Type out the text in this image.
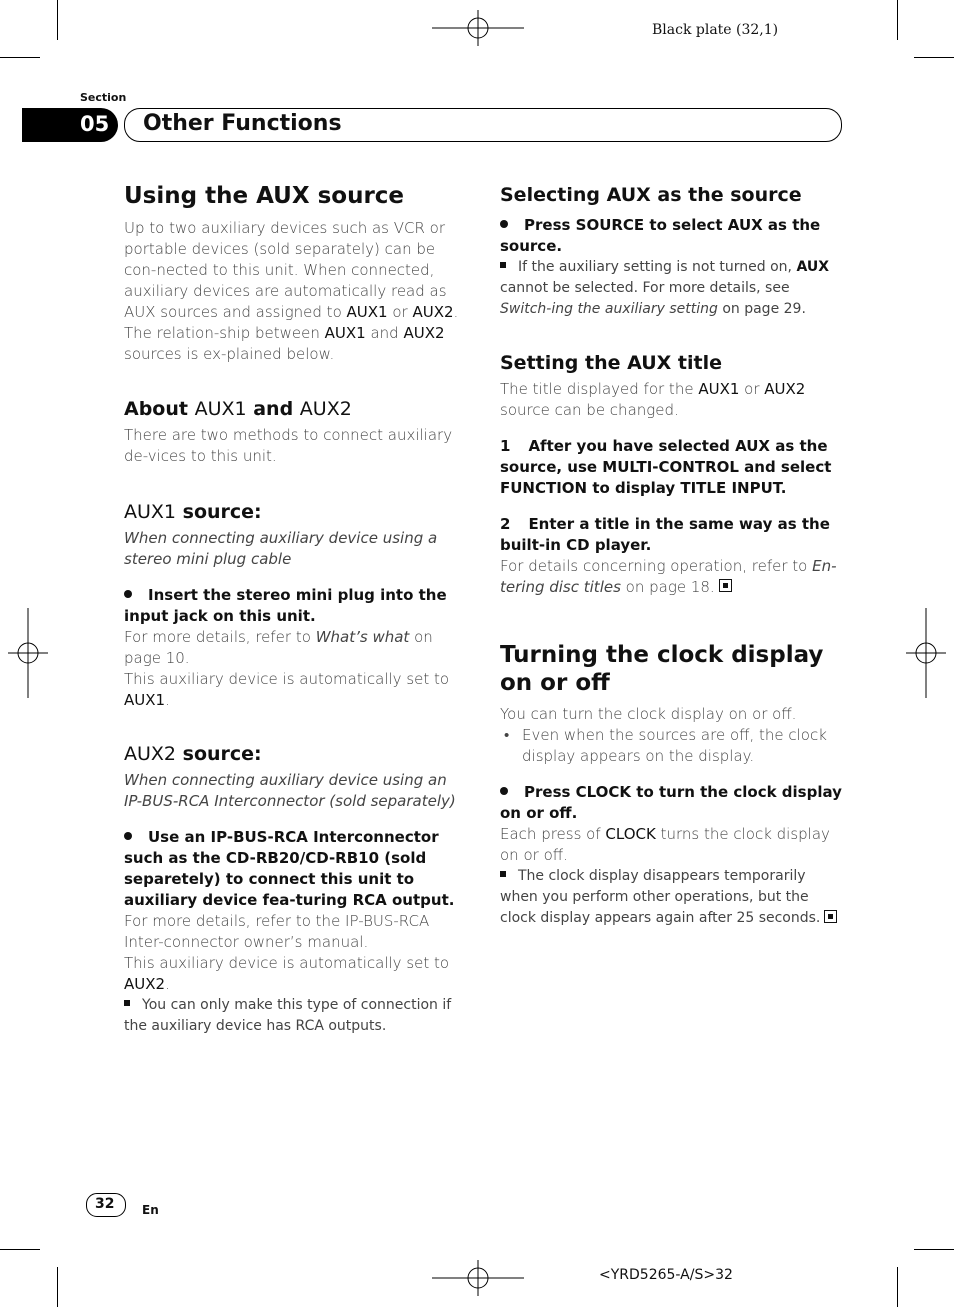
Black plate (32,1)
Section
05 Other Functions
Using the AUX source

Up to two auxiliary devices such as VCR or portable devices (sold separately) can be con-nected to this unit. When connected, auxiliary devices are automatically read as AUX sources and assigned to AUX1 or AUX2. The relation-ship between AUX1 and AUX2 sources is ex-plained below.

About AUX1 and AUX2

There are two methods to connect auxiliary de-vices to this unit.

AUX1 source:

When connecting auxiliary device using a stereo mini plug cable

Insert the stereo mini plug into the input jack on this unit.

For more details, refer to What’s what on page 10.

This auxiliary device is automatically set to AUX1.

AUX2 source:

When connecting auxiliary device using an IP-BUS-RCA Interconnector (sold separately)

Use an IP-BUS-RCA Interconnector such as the CD-RB20/CD-RB10 (sold separetely) to connect this unit to auxiliary device fea-turing RCA output.

For more details, refer to the IP-BUS-RCA Inter-connector owner’s manual.

This auxiliary device is automatically set to AUX2.

You can only make this type of connection if the auxiliary device has RCA outputs.

Selecting AUX as the source

Press SOURCE to select AUX as the source.

If the auxiliary setting is not turned on, AUX cannot be selected. For more details, see Switch-ing the auxiliary setting on page 29.

Setting the AUX title

The title displayed for the AUX1 or AUX2 source can be changed.

1 After you have selected AUX as the source, use MULTI-CONTROL and select FUNCTION to display TITLE INPUT.

2 Enter a title in the same way as the built-in CD player.

For details concerning operation, refer to En-tering disc titles on page 18.

Turning the clock display on or off

You can turn the clock display on or off.

• Even when the sources are off, the clock display appears on the display.

Press CLOCK to turn the clock display on or off.

Each press of CLOCK turns the clock display on or off.

The clock display disappears temporarily when you perform other operations, but the clock display appears again after 25 seconds.

32 En
<YRD5265-A/S>32
